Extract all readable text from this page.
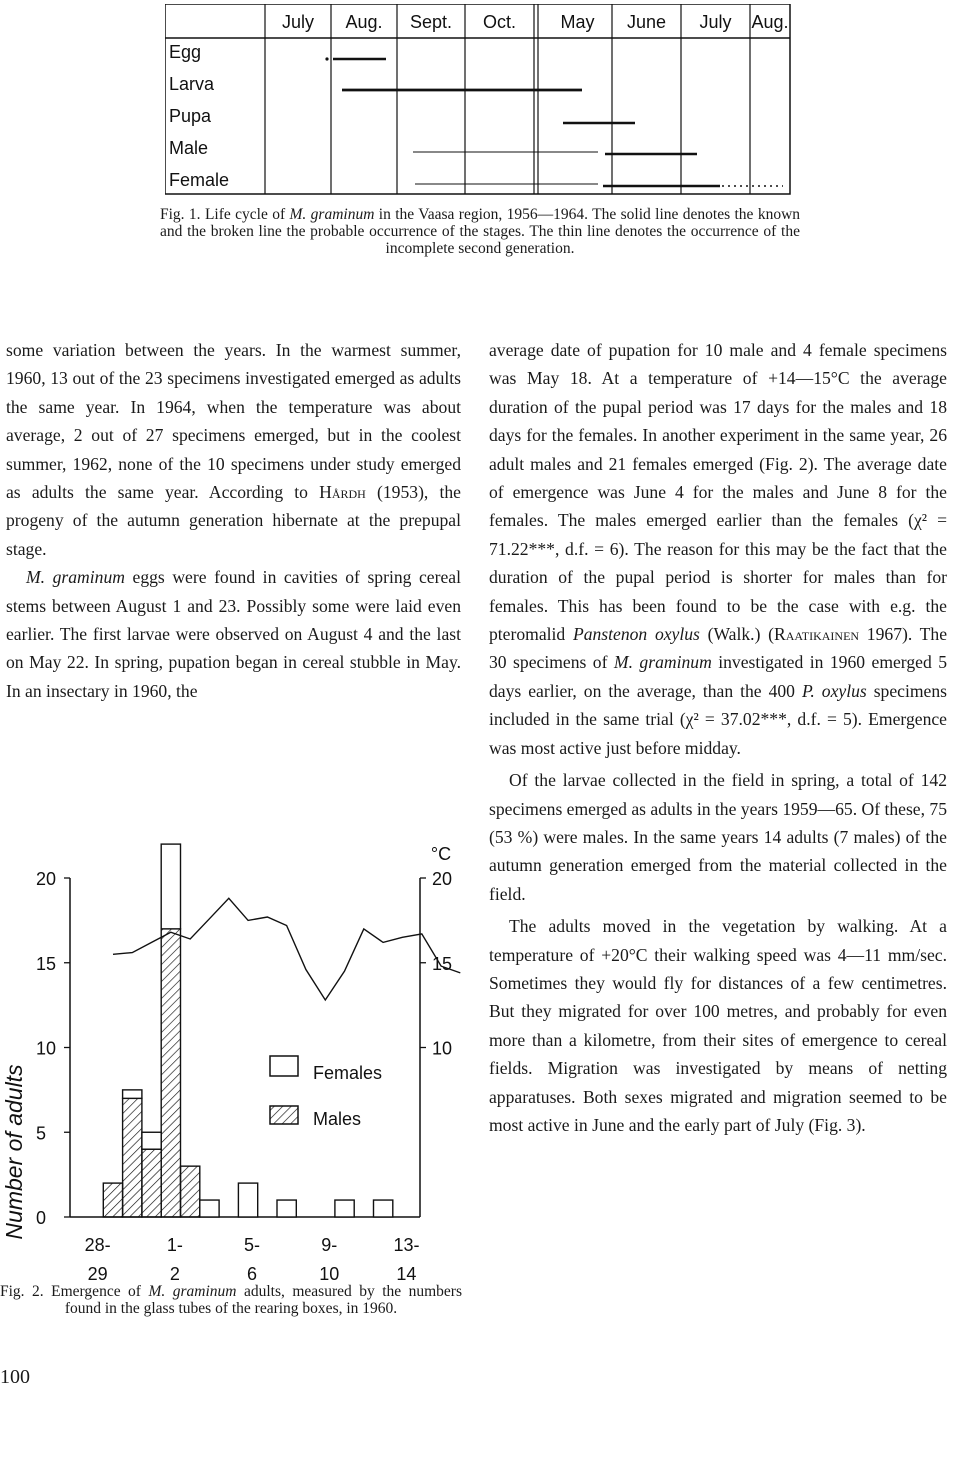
July Aug. Sept. Oct. May June July Aug.
Egg
Larva
Pupa
Male
Female

Fig. 1. Life cycle of M. graminum in the Vaasa region, 1956—1964. The solid line denotes the known and the broken line the probable occurrence of the stages. The thin line denotes the occurrence of the incomplete second generation.

some variation between the years. In the warmest summer, 1960, 13 out of the 23 specimens investigated emerged as adults the same year. In 1964, when the temperature was about average, 2 out of 27 specimens emerged, but in the coolest summer, 1962, none of the 10 specimens under study emerged as adults the same year. According to Hårdh (1953), the progeny of the autumn generation hibernate at the prepupal stage.

M. graminum eggs were found in cavities of spring cereal stems between August 1 and 23. Possibly some were laid even earlier. The first larvae were observed on August 4 and the last on May 22. In spring, pupation began in cereal stubble in May. In an insectary in 1960, the

Number of adults
°C
0
5
10
15
20
10
15
20
28-
29
1-
2
5-
6
9-
10
13-
14
Females
Males

Fig. 2. Emergence of M. graminum adults, measured by the numbers found in the glass tubes of the rearing boxes, in 1960.

average date of pupation for 10 male and 4 female specimens was May 18. At a temperature of +14—15°C the average duration of the pupal period was 17 days for the males and 18 days for the females. In another experiment in the same year, 26 adult males and 21 females emerged (Fig. 2). The average date of emergence was June 4 for the males and June 8 for the females. The males emerged earlier than the females (χ² = 71.22***, d.f. = 6). The reason for this may be the fact that the duration of the pupal period is shorter for males than for females. This has been found to be the case with e.g. the pteromalid Panstenon oxylus (Walk.) (Raatikainen 1967). The 30 specimens of M. graminum investigated in 1960 emerged 5 days earlier, on the average, than the 400 P. oxylus specimens included in the same trial (χ² = 37.02***, d.f. = 5). Emergence was most active just before midday.

Of the larvae collected in the field in spring, a total of 142 specimens emerged as adults in the years 1959—65. Of these, 75 (53 %) were males. In the same years 14 adults (7 males) of the autumn generation emerged from the material collected in the field.

The adults moved in the vegetation by walking. At a temperature of +20°C their walking speed was 4—11 mm/sec. Sometimes they would fly for distances of a few centimetres. But they migrated for over 100 metres, and probably for even more than a kilometre, from their sites of emergence to cereal fields. Migration was investigated by means of netting apparatuses. Both sexes migrated and migration seemed to be most active in June and the early part of July (Fig. 3).

100
